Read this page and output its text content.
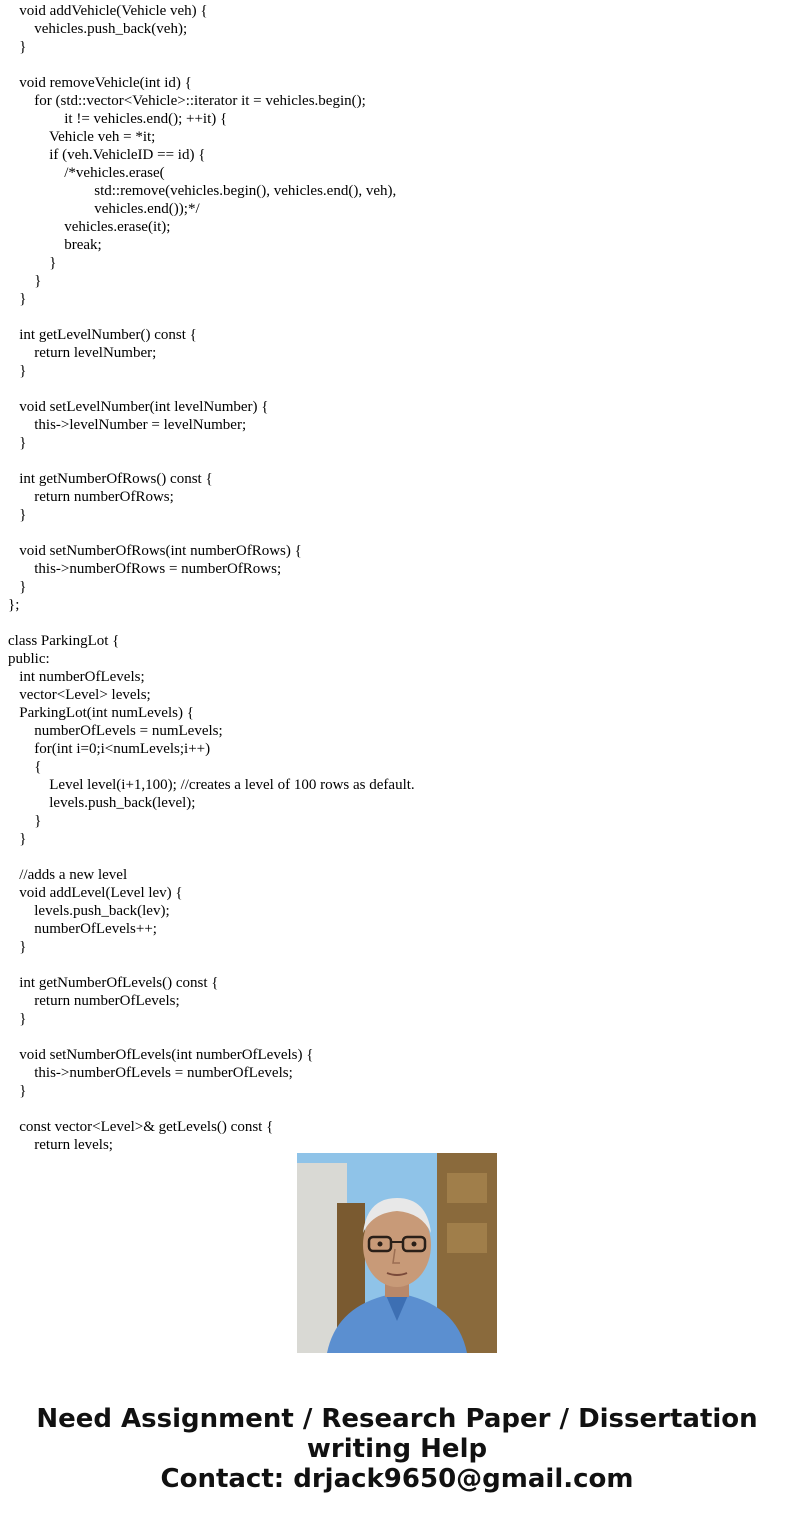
void addVehicle(Vehicle veh) {
vehicles.push_back(veh);
}
void removeVehicle(int id) {
for (std::vector<Vehicle>::iterator it = vehicles.begin();
it != vehicles.end(); ++it) {
Vehicle veh = *it;
if (veh.VehicleID == id) {
/*vehicles.erase(
std::remove(vehicles.begin(), vehicles.end(), veh),
vehicles.end());*/
vehicles.erase(it);
break;
}
}
}
int getLevelNumber() const {
return levelNumber;
}
void setLevelNumber(int levelNumber) {
this->levelNumber = levelNumber;
}
int getNumberOfRows() const {
return numberOfRows;
}
void setNumberOfRows(int numberOfRows) {
this->numberOfRows = numberOfRows;
}
};
class ParkingLot {
public:
int numberOfLevels;
vector<Level> levels;
ParkingLot(int numLevels) {
numberOfLevels = numLevels;
for(int i=0;i<numLevels;i++)
{
Level level(i+1,100); //creates a level of 100 rows as default.
levels.push_back(level);
}
}
//adds a new level
void addLevel(Level lev) {
levels.push_back(lev);
numberOfLevels++;
}
int getNumberOfLevels() const {
return numberOfLevels;
}
void setNumberOfLevels(int numberOfLevels) {
this->numberOfLevels = numberOfLevels;
}
const vector<Level>& getLevels() const {
return levels;
Need Assignment / Research Paper / Dissertation
writing Help
Contact: drjack9650@gmail.com
